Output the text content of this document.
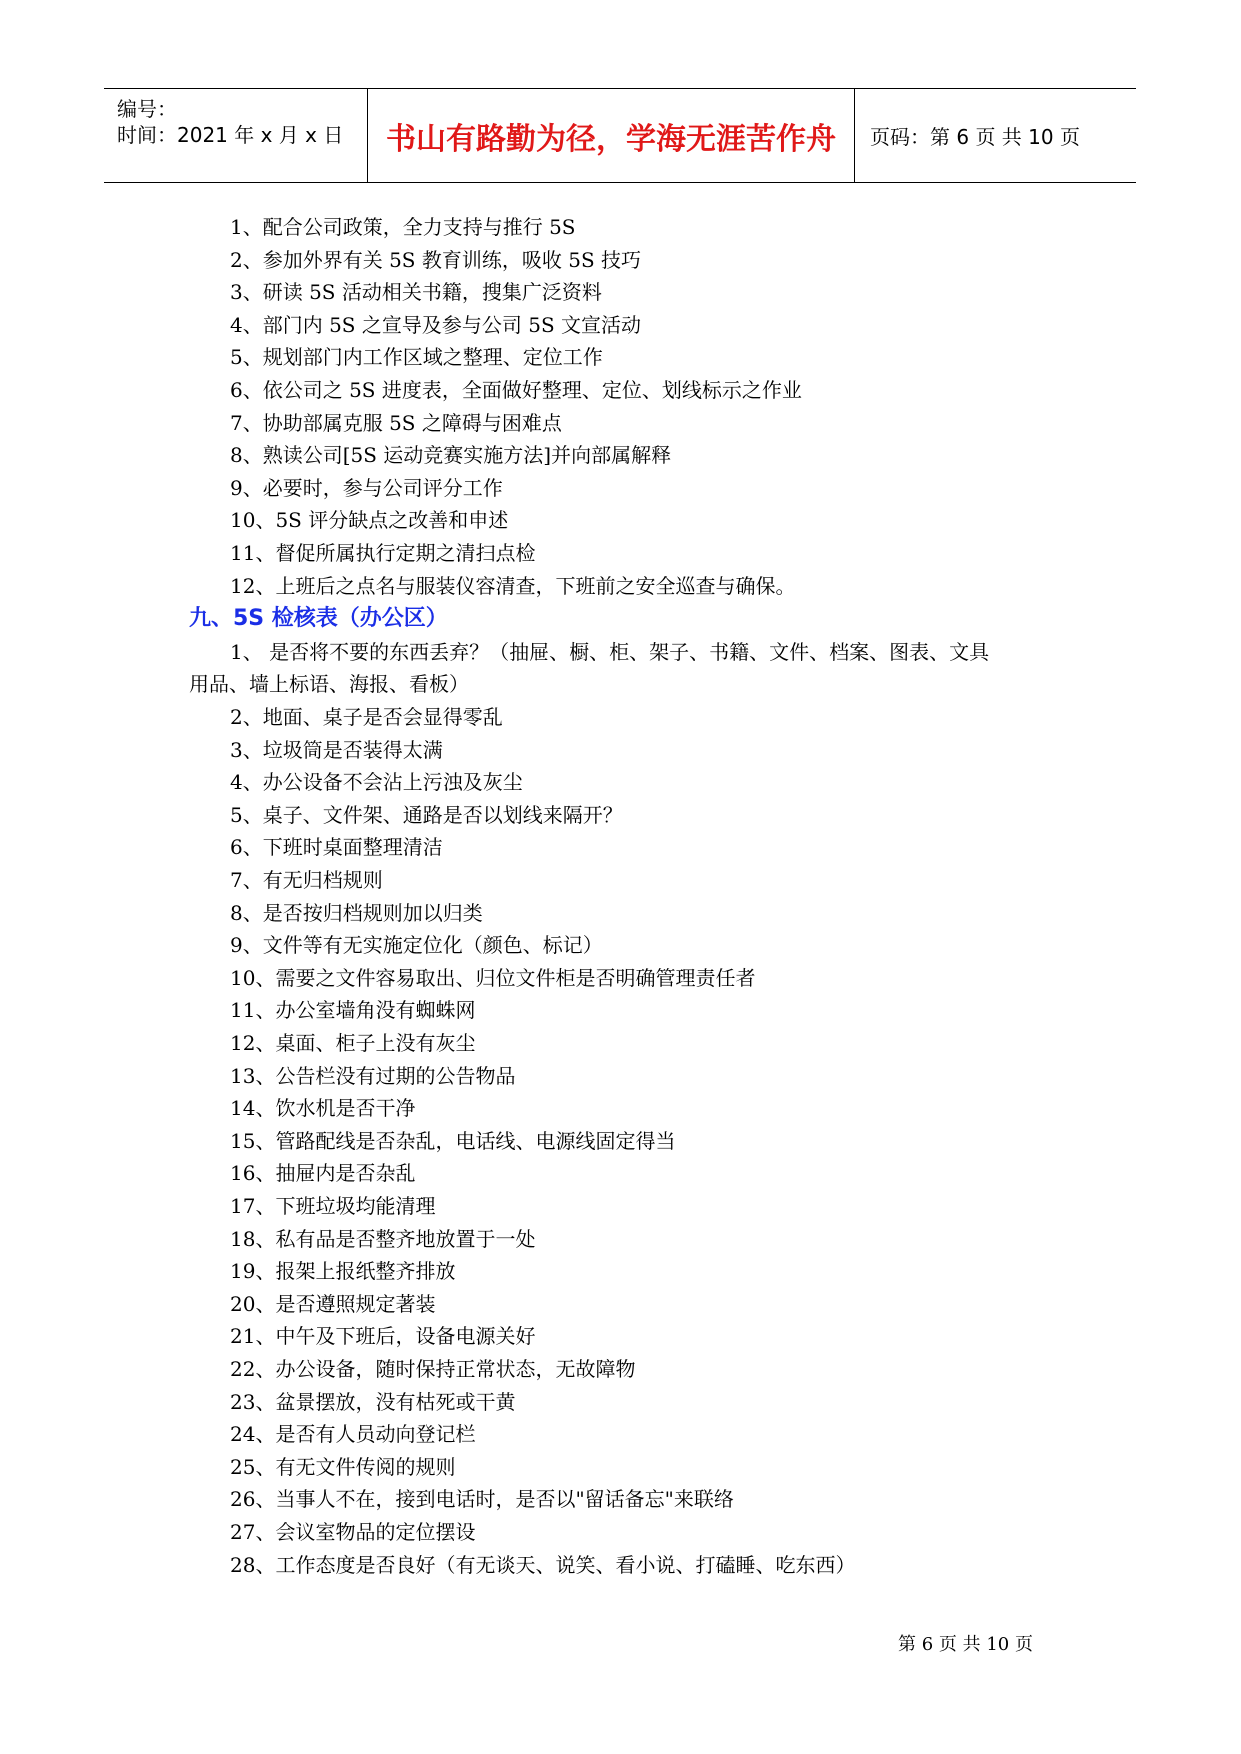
编号：
时间：2021 年 x 月 x 日 书山有路勤为径，学海无涯苦作舟 页码：第 6 页 共 10 页
1、配合公司政策，全力支持与推行 5S
2、参加外界有关 5S 教育训练，吸收 5S 技巧
3、研读 5S 活动相关书籍，搜集广泛资料
4、部门内 5S 之宣导及参与公司 5S 文宣活动
5、规划部门内工作区域之整理、定位工作
6、依公司之 5S 进度表，全面做好整理、定位、划线标示之作业
7、协助部属克服 5S 之障碍与困难点
8、熟读公司[5S 运动竞赛实施方法]并向部属解释
9、必要时，参与公司评分工作
10、5S 评分缺点之改善和申述
11、督促所属执行定期之清扫点检
12、上班后之点名与服装仪容清查，下班前之安全巡查与确保。
九、5S 检核表（办公区）
1、 是否将不要的东西丢弃？（抽屉、橱、柜、架子、书籍、文件、档案、图表、文具
用品、墙上标语、海报、看板）
2、地面、桌子是否会显得零乱
3、垃圾筒是否装得太满
4、办公设备不会沾上污浊及灰尘
5、桌子、文件架、通路是否以划线来隔开？
6、下班时桌面整理清洁
7、有无归档规则
8、是否按归档规则加以归类
9、文件等有无实施定位化（颜色、标记）
10、需要之文件容易取出、归位文件柜是否明确管理责任者
11、办公室墙角没有蜘蛛网
12、桌面、柜子上没有灰尘
13、公告栏没有过期的公告物品
14、饮水机是否干净
15、管路配线是否杂乱，电话线、电源线固定得当
16、抽屉内是否杂乱
17、下班垃圾均能清理
18、私有品是否整齐地放置于一处
19、报架上报纸整齐排放
20、是否遵照规定著装
21、中午及下班后，设备电源关好
22、办公设备，随时保持正常状态，无故障物
23、盆景摆放，没有枯死或干黄
24、是否有人员动向登记栏
25、有无文件传阅的规则
26、当事人不在，接到电话时，是否以"留话备忘"来联络
27、会议室物品的定位摆设
28、工作态度是否良好（有无谈天、说笑、看小说、打磕睡、吃东西）
第 6 页 共 10 页
